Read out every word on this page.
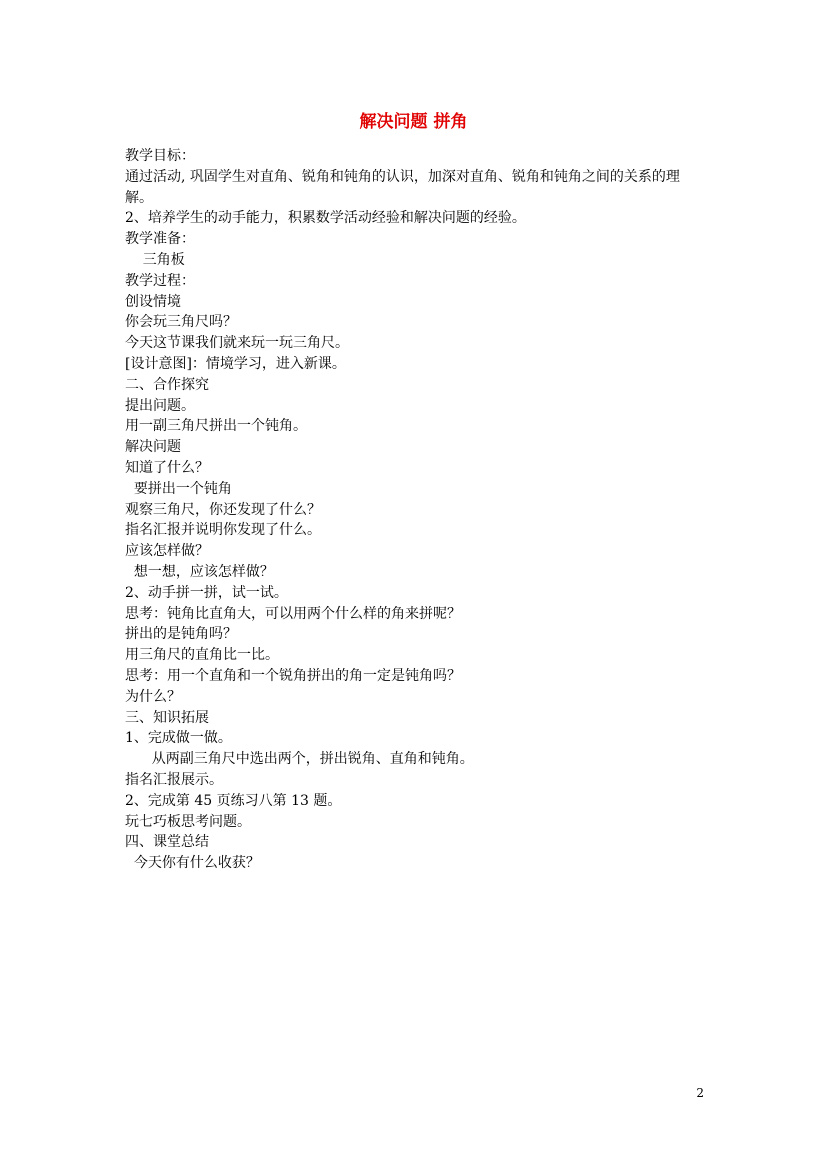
解决问题 拼角
教学目标：
通过活动, 巩固学生对直角、锐角和钝角的认识，加深对直角、锐角和钝角之间的关系的理解。
2、培养学生的动手能力，积累数学活动经验和解决问题的经验。
教学准备：
三角板
教学过程：
创设情境
你会玩三角尺吗？
今天这节课我们就来玩一玩三角尺。
[设计意图]：情境学习，进入新课。
二、合作探究
提出问题。
用一副三角尺拼出一个钝角。
解决问题
知道了什么？
要拼出一个钝角
观察三角尺，你还发现了什么？
指名汇报并说明你发现了什么。
应该怎样做？
想一想，应该怎样做？
2、动手拼一拼，试一试。
思考：钝角比直角大，可以用两个什么样的角来拼呢？
拼出的是钝角吗？
用三角尺的直角比一比。
思考：用一个直角和一个锐角拼出的角一定是钝角吗？
为什么？
三、知识拓展
1、完成做一做。
从两副三角尺中选出两个，拼出锐角、直角和钝角。
指名汇报展示。
2、完成第 45 页练习八第 13 题。
玩七巧板思考问题。
四、课堂总结
今天你有什么收获？
2
